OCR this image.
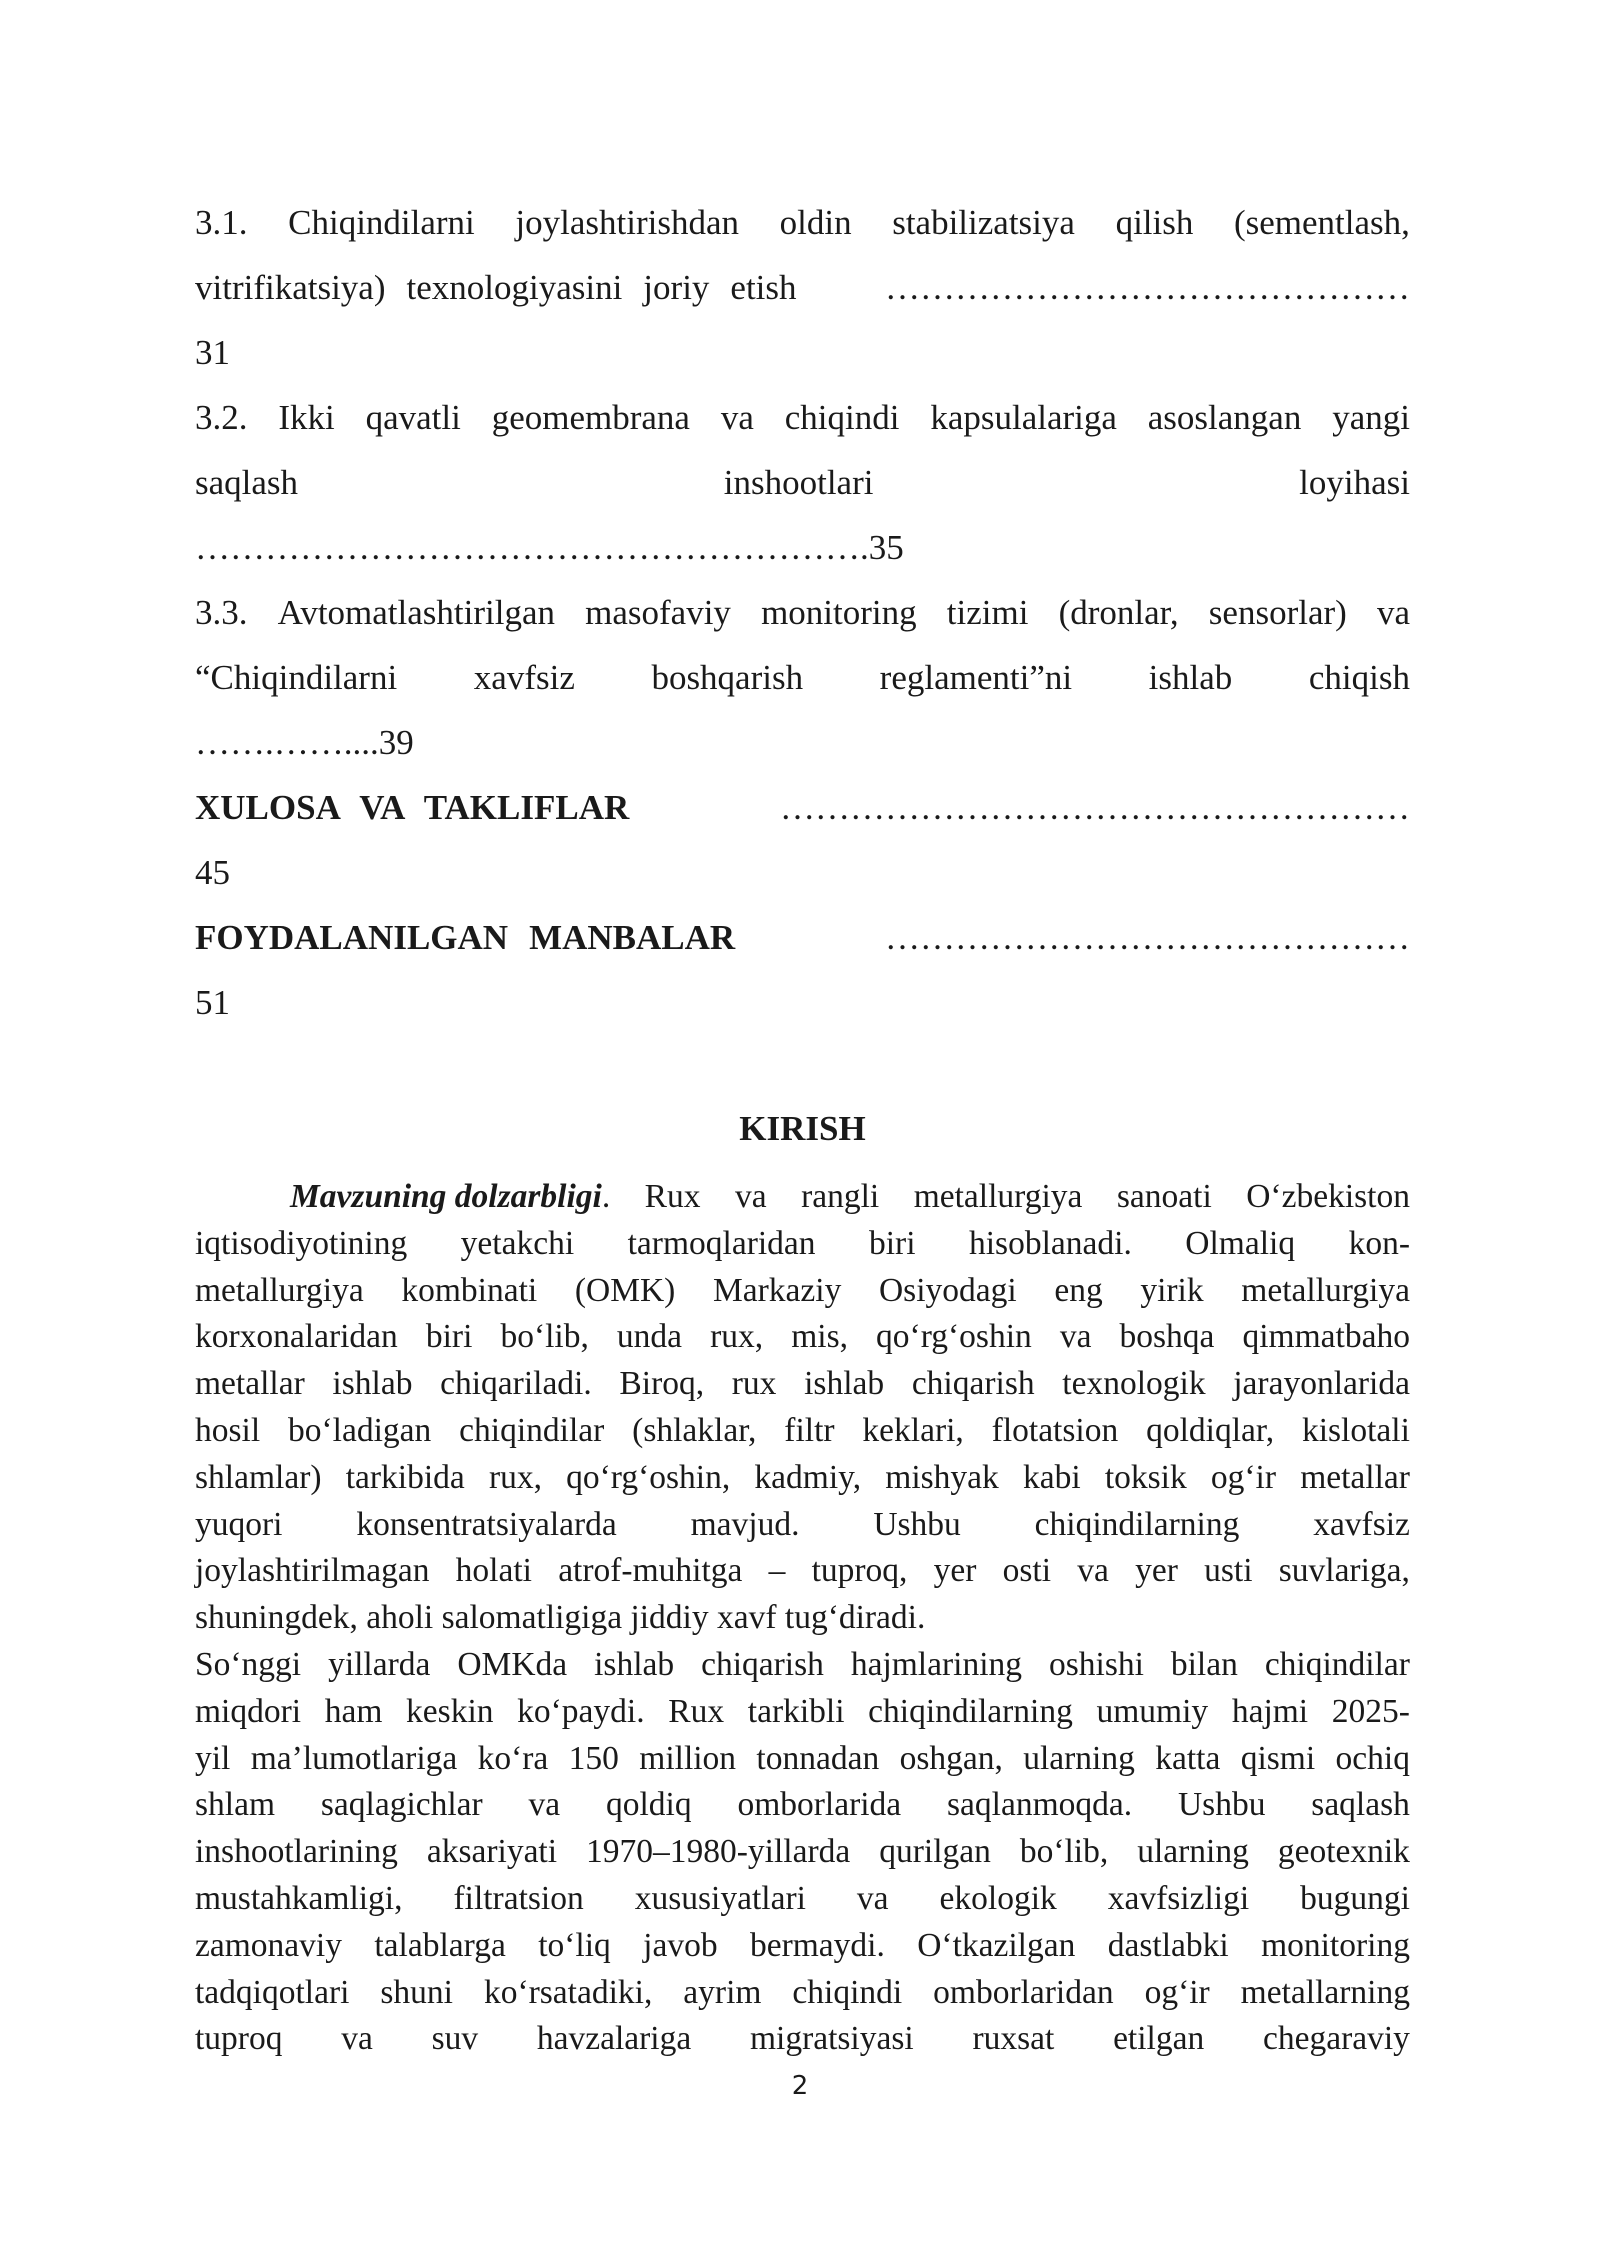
3.1. Chiqindilarni joylashtirishdan oldin stabilizatsiya qilish (sementlash,
vitrifikatsiya) texnologiyasini joriy etish	………………………………………
31
3.2. Ikki qavatli geomembrana va chiqindi kapsulalariga asoslangan yangi
saqlash	inshootlari	loyihasi
………………………………………………….35
3.3. Avtomatlashtirilgan masofaviy monitoring tizimi (dronlar, sensorlar) va
“Chiqindilarni xavfsiz boshqarish reglamenti”ni ishlab chiqish
…….……....39
XULOSA VA TAKLIFLAR	………………………………………………
45
FOYDALANILGAN MANBALAR	………………………………………
51
KIRISH
Mavzuning dolzarbligi. Rux va rangli metallurgiya sanoati O‘zbekiston
iqtisodiyotining yetakchi tarmoqlaridan biri hisoblanadi. Olmaliq kon-
metallurgiya kombinati (OMK) Markaziy Osiyodagi eng yirik metallurgiya
korxonalaridan biri bo‘lib, unda rux, mis, qo‘rg‘oshin va boshqa qimmatbaho
metallar ishlab chiqariladi. Biroq, rux ishlab chiqarish texnologik jarayonlarida
hosil bo‘ladigan chiqindilar (shlaklar, filtr keklari, flotatsion qoldiqlar, kislotali
shlamlar) tarkibida rux, qo‘rg‘oshin, kadmiy, mishyak kabi toksik og‘ir metallar
yuqori konsentratsiyalarda mavjud. Ushbu chiqindilarning xavfsiz
joylashtirilmagan holati atrof-muhitga – tuproq, yer osti va yer usti suvlariga,
shuningdek, aholi salomatligiga jiddiy xavf tug‘diradi.
So‘nggi yillarda OMKda ishlab chiqarish hajmlarining oshishi bilan chiqindilar
miqdori ham keskin ko‘paydi. Rux tarkibli chiqindilarning umumiy hajmi 2025-
yil ma’lumotlariga ko‘ra 150 million tonnadan oshgan, ularning katta qismi ochiq
shlam saqlagichlar va qoldiq omborlarida saqlanmoqda. Ushbu saqlash
inshootlarining aksariyati 1970–1980-yillarda qurilgan bo‘lib, ularning geotexnik
mustahkamligi, filtratsion xususiyatlari va ekologik xavfsizligi bugungi
zamonaviy talablarga to‘liq javob bermaydi. O‘tkazilgan dastlabki monitoring
tadqiqotlari shuni ko‘rsatadiki, ayrim chiqindi omborlaridan og‘ir metallarning
tuproq va suv havzalariga migratsiyasi ruxsat etilgan chegaraviy
2
